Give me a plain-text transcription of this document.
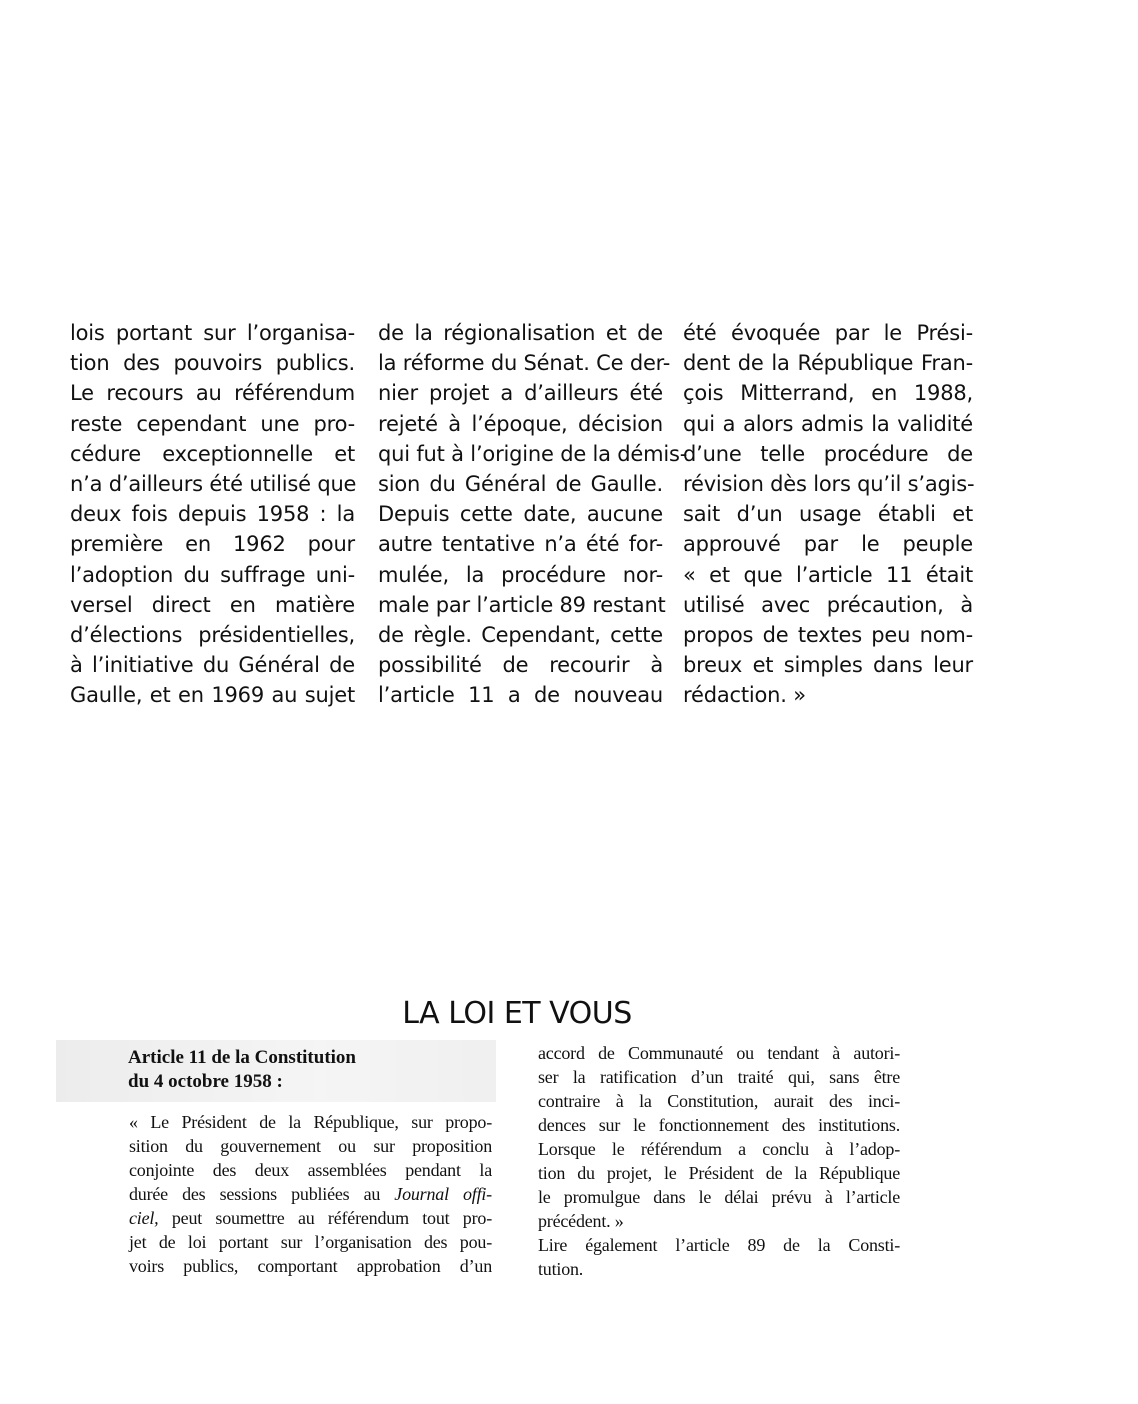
lois portant sur l’organisa-
tion des pouvoirs publics.
Le recours au référendum
reste cependant une pro-
cédure exceptionnelle et
n’a d’ailleurs été utilisé que
deux fois depuis 1958 : la
première en 1962 pour
l’adoption du suffrage uni-
versel direct en matière
d’élections présidentielles,
à l’initiative du Général de
Gaulle, et en 1969 au sujet
de la régionalisation et de
la réforme du Sénat. Ce der-
nier projet a d’ailleurs été
rejeté à l’époque, décision
qui fut à l’origine de la démis-
sion du Général de Gaulle.
Depuis cette date, aucune
autre tentative n’a été for-
mulée, la procédure nor-
male par l’article 89 restant
de règle. Cependant, cette
possibilité de recourir à
l’article 11 a de nouveau
été évoquée par le Prési-
dent de la République Fran-
çois Mitterrand, en 1988,
qui a alors admis la validité
d’une telle procédure de
révision dès lors qu’il s’agis-
sait d’un usage établi et
approuvé par le peuple
« et que l’article 11 était
utilisé avec précaution, à
propos de textes peu nom-
breux et simples dans leur
rédaction. »
LA LOI ET VOUS
Article 11 de la Constitution
du 4 octobre 1958 :
« Le Président de la République, sur propo-
sition du gouvernement ou sur proposition
conjointe des deux assemblées pendant la
durée des sessions publiées au Journal offi-
ciel, peut soumettre au référendum tout pro-
jet de loi portant sur l’organisation des pou-
voirs publics, comportant approbation d’un
accord de Communauté ou tendant à autori-
ser la ratification d’un traité qui, sans être
contraire à la Constitution, aurait des inci-
dences sur le fonctionnement des institutions.
Lorsque le référendum a conclu à l’adop-
tion du projet, le Président de la République
le promulgue dans le délai prévu à l’article
précédent. »
Lire également l’article 89 de la Consti-
tution.
